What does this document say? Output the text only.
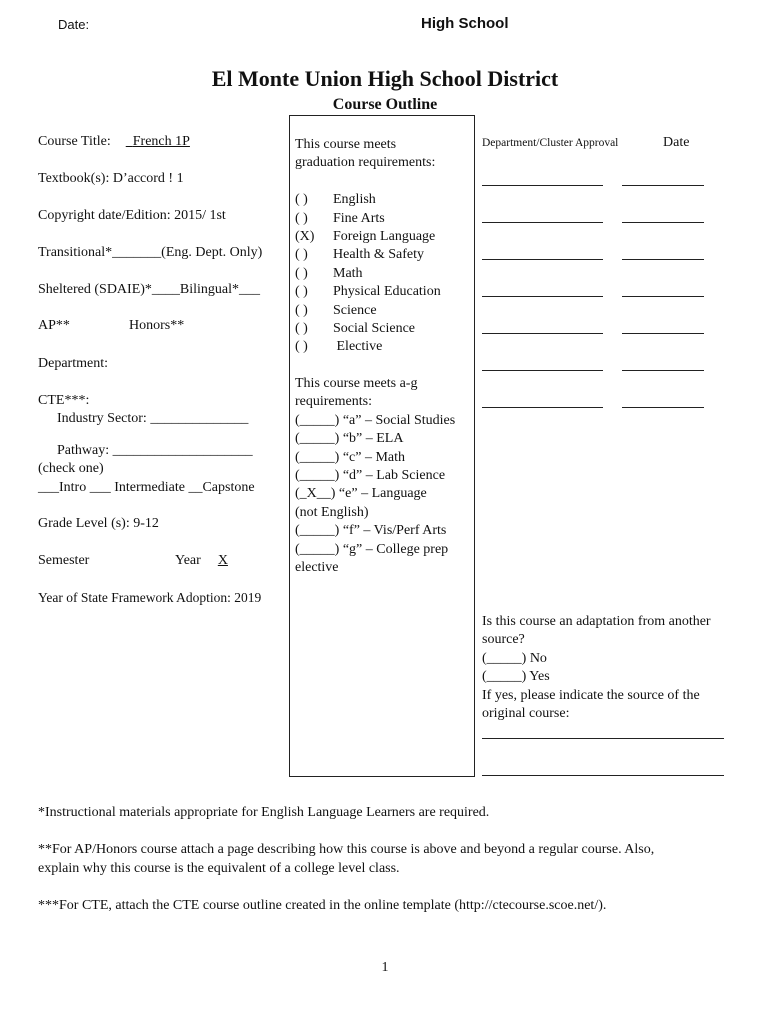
Date:	High School
El Monte Union High School District
Course Outline
Course Title: French 1P
Textbook(s): D’accord ! 1
Copyright date/Edition: 2015/ 1st
Transitional*_______(Eng. Dept. Only)
Sheltered (SDAIE)*____Bilingual*___
AP**	Honors**
Department:
CTE***:
Industry Sector: ______________
Pathway: ____________________
(check one)
___Intro ___ Intermediate __Capstone
Grade Level (s): 9-12
Semester	Year X
Year of State Framework Adoption: 2019
This course meets
graduation requirements:
( ) English
( ) Fine Arts
(X) Foreign Language
( ) Health & Safety
( ) Math
( ) Physical Education
( ) Science
( ) Social Science
( ) Elective
This course meets a-g
requirements:
(_____) “a” – Social Studies
(_____) “b” – ELA
(_____) “c” – Math
(_____) “d” – Lab Science
(_X__) “e” – Language
(not English)
(_____) “f” – Vis/Perf Arts
(_____) “g” – College prep
elective
Department/Cluster Approval	Date
Is this course an adaptation from another
source?
(_____) No
(_____) Yes
If yes, please indicate the source of the
original course:
*Instructional materials appropriate for English Language Learners are required.
**For AP/Honors course attach a page describing how this course is above and beyond a regular course. Also,
explain why this course is the equivalent of a college level class.
***For CTE, attach the CTE course outline created in the online template (http://ctecourse.scoe.net/).
1
